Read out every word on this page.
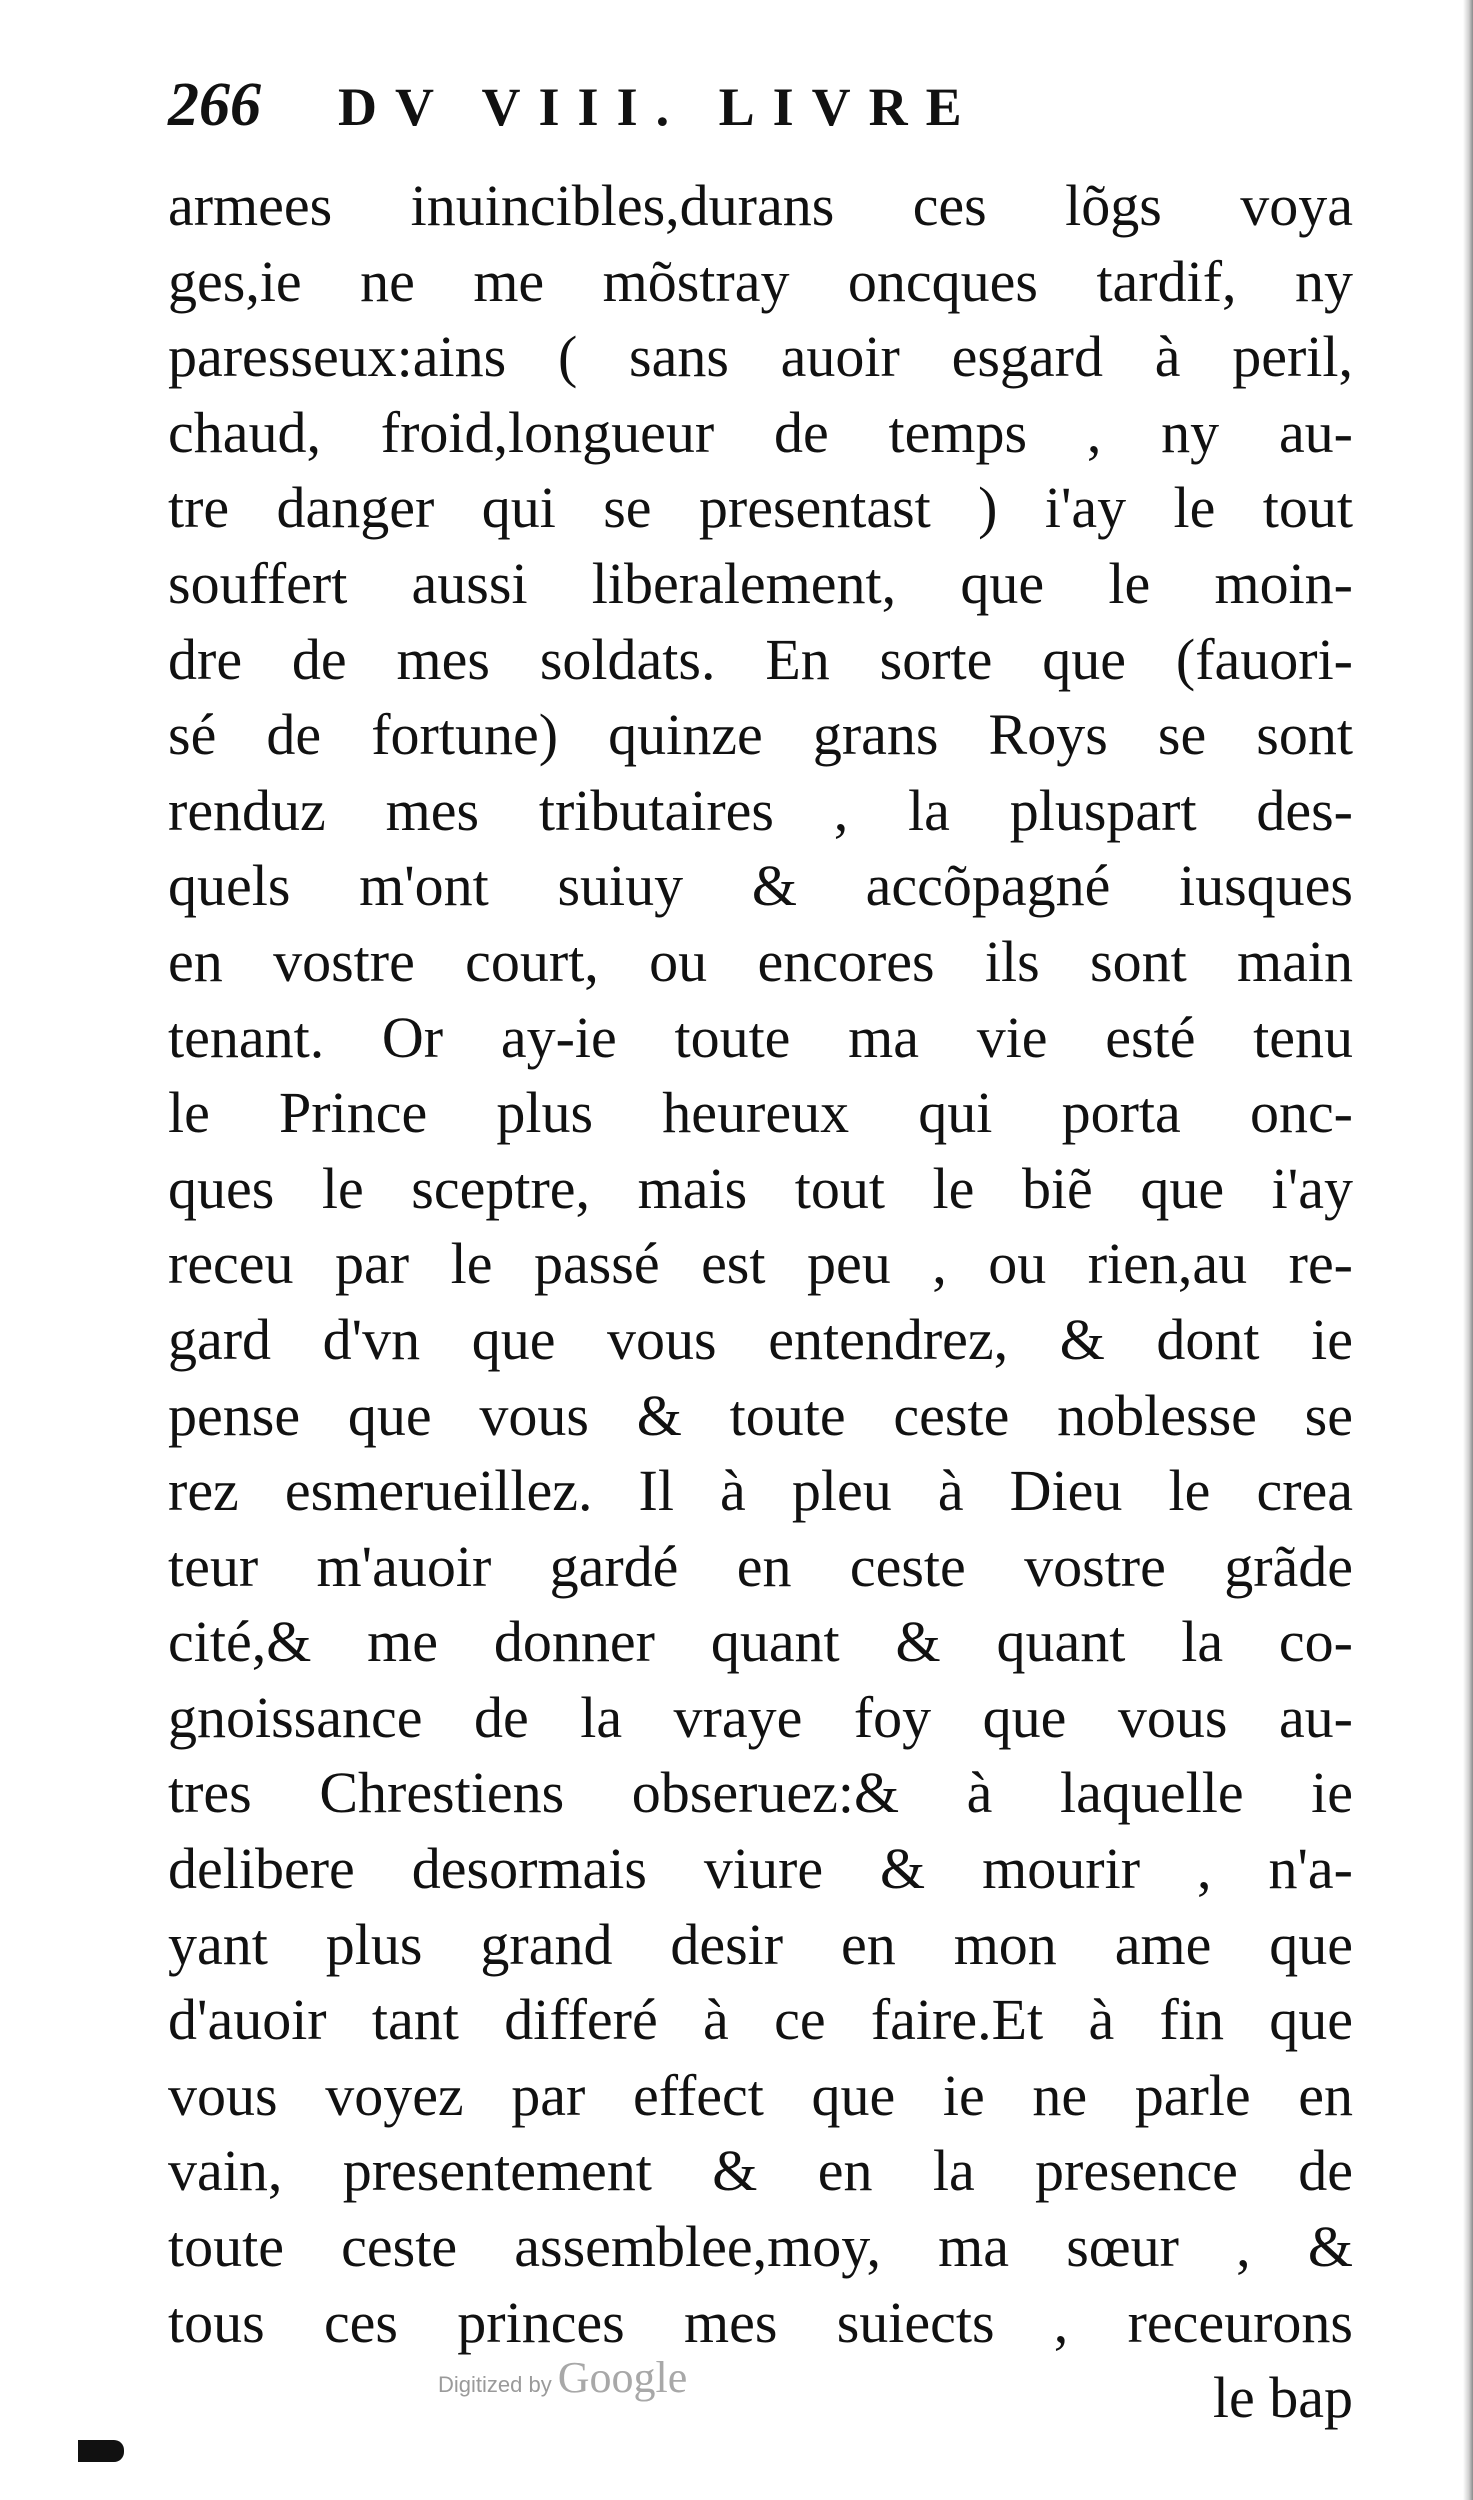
266 DV VIII. LIVRE
armees inuincibles,durans ces lõgs voya
ges,ie ne me mõstray oncques tardif, ny
paresseux:ains ( sans auoir esgard à peril,
chaud, froid,longueur de temps , ny au-
tre danger qui se presentast ) i'ay le tout
souffert aussi liberalement, que le moin-
dre de mes soldats. En sorte que (fauori-
sé de fortune) quinze grans Roys se sont
renduz mes tributaires , la pluspart des-
quels m'ont suiuy & accõpagné iusques
en vostre court, ou encores ils sont main
tenant. Or ay-ie toute ma vie esté tenu
le Prince plus heureux qui porta onc-
ques le sceptre, mais tout le biẽ que i'ay
receu par le passé est peu , ou rien,au re-
gard d'vn que vous entendrez, & dont ie
pense que vous & toute ceste noblesse se
rez esmerueillez. Il à pleu à Dieu le crea
teur m'auoir gardé en ceste vostre grãde
cité,& me donner quant & quant la co-
gnoissance de la vraye foy que vous au-
tres Chrestiens obseruez:& à laquelle ie
delibere desormais viure & mourir , n'a-
yant plus grand desir en mon ame que
d'auoir tant differé à ce faire.Et à fin que
vous voyez par effect que ie ne parle en
vain, presentement & en la presence de
toute ceste assemblee,moy, ma sœur , &
tous ces princes mes suiects , receurons
le bap
Digitized by Google
